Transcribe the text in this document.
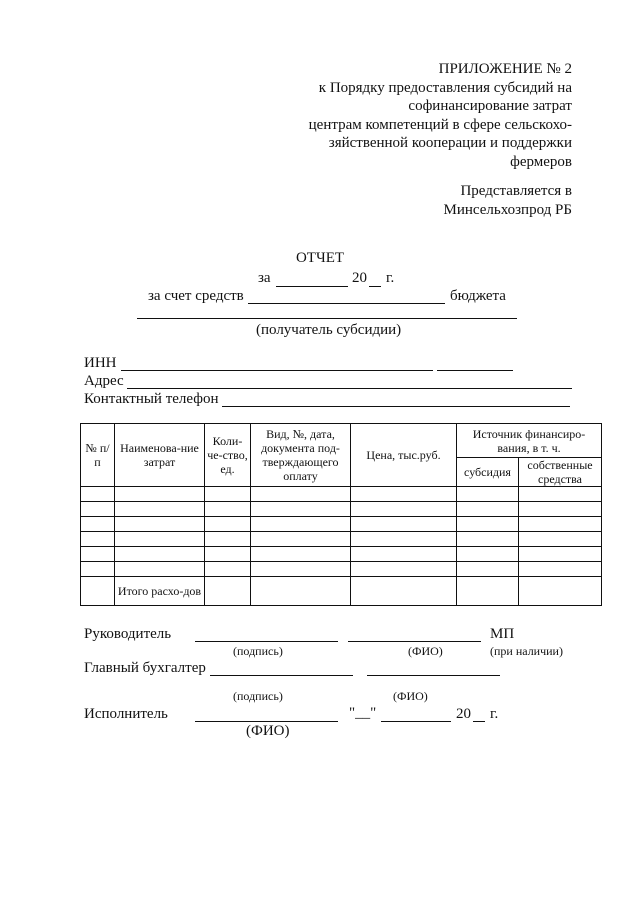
ПРИЛОЖЕНИЕ № 2
к Порядку предоставления субсидий на
софинансирование затрат
центрам компетенций в сфере сельскохо-
зяйственной кооперации и поддержки
фермеров
Представляется в
Минсельхозпрод РБ
ОТЧЕТ
за	20 г.
за счет средств	бюджета
(получатель субсидии)
ИНН
Адрес
Контактный телефон
№ п/п	Наименова-ние затрат	Коли-че-ство, ед.	Вид, №, дата, документа под-тверждающего оплату	Цена, тыс.руб.	Источник финансиро-вания, в т. ч.	
					субсидия	собственные средства

	Итого расхо-дов					
Руководитель	МП
(подпись)	(ФИО)	(при наличии)
Главный бухгалтер
(подпись)	(ФИО)
Исполнитель	"__"	20 г.
(ФИО)
